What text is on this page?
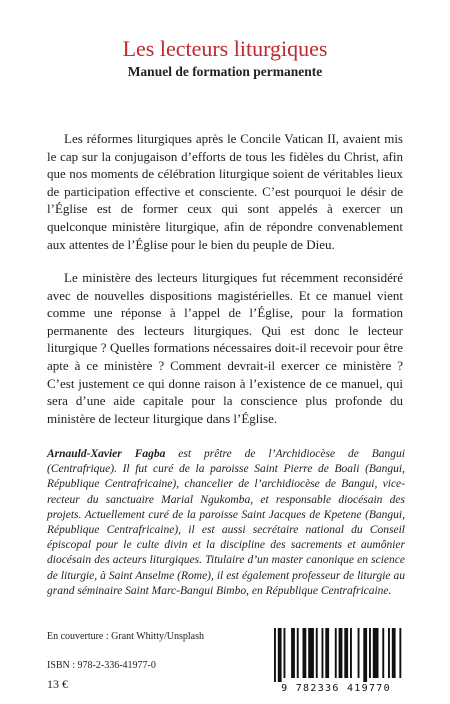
Les lecteurs liturgiques
Manuel de formation permanente

Les réformes liturgiques après le Concile Vatican II, avaient mis le cap sur la conjugaison d’efforts de tous les fidèles du Christ, afin que nos moments de célébration liturgique soient de véritables lieux de participation effective et consciente. C’est pourquoi le désir de l’Église est de former ceux qui sont appelés à exercer un quelconque ministère liturgique, afin de répondre convenablement aux attentes de l’Église pour le bien du peuple de Dieu.

Le ministère des lecteurs liturgiques fut récemment reconsidéré avec de nouvelles dispositions magistérielles. Et ce manuel vient comme une réponse à l’appel de l’Église, pour la formation permanente des lecteurs liturgiques. Qui est donc le lecteur liturgique ? Quelles formations nécessaires doit-il recevoir pour être apte à ce ministère ? Comment devrait-il exercer ce ministère ? C’est justement ce qui donne raison à l’existence de ce manuel, qui sera d’une aide capitale pour la conscience plus profonde du ministère de lecteur liturgique dans l’Église.

Arnauld-Xavier Fagba est prêtre de l’Archidiocèse de Bangui (Centrafrique). Il fut curé de la paroisse Saint Pierre de Boali (Bangui, République Centrafricaine), chancelier de l’archidiocèse de Bangui, vice-recteur du sanctuaire Marial Ngukomba, et responsable diocésain des projets. Actuellement curé de la paroisse Saint Jacques de Kpetene (Bangui, République Centrafricaine), il est aussi secrétaire national du Conseil épiscopal pour le culte divin et la discipline des sacrements et aumônier diocésain des acteurs liturgiques. Titulaire d’un master canonique en science de liturgie, à Saint Anselme (Rome), il est également professeur de liturgie au grand séminaire Saint Marc-Bangui Bimbo, en République Centrafricaine.

En couverture : Grant Whitty/Unsplash
ISBN : 978-2-336-41977-0
13 €	9 782336 419770
